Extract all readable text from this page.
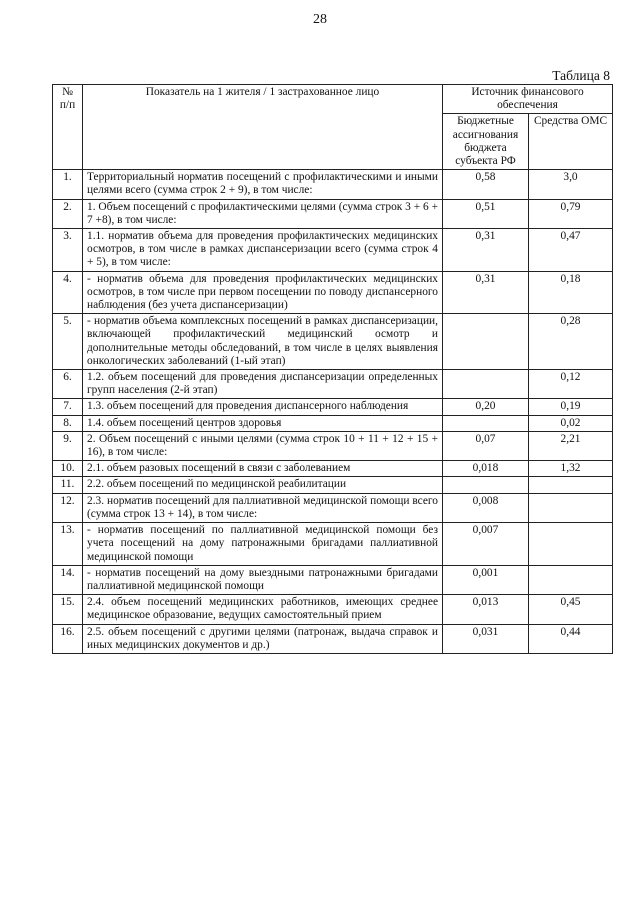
28
Таблица 8
№ п/п	Показатель на 1 жителя / 1 застрахованное лицо	Источник финансового обеспечения	
		Бюджетные ассигнования бюджета субъекта РФ	Средства ОМС
1.	Территориальный норматив посещений с профилактическими и иными целями всего (сумма строк 2 + 9), в том числе:	0,58	3,0
2.	1. Объем посещений с профилактическими целями (сумма строк 3 + 6 + 7 +8), в том числе:	0,51	0,79
3.	1.1. норматив объема для проведения профилактических медицинских осмотров, в том числе в рамках диспансеризации всего (сумма строк 4 + 5), в том числе:	0,31	0,47
4.	- норматив объема для проведения профилактических медицинских осмотров, в том числе при первом посещении по поводу диспансерного наблюдения (без учета диспансеризации)	0,31	0,18
5.	- норматив объема комплексных посещений в рамках диспансеризации, включающей профилактический медицинский осмотр и дополнительные методы обследований, в том числе в целях выявления онкологических заболеваний (1-ый этап)		0,28
6.	1.2. объем посещений для проведения диспансеризации определенных групп населения (2-й этап)		0,12
7.	1.3. объем посещений для проведения диспансерного наблюдения	0,20	0,19
8.	1.4. объем посещений центров здоровья		0,02
9.	2. Объем посещений с иными целями (сумма строк 10 + 11 + 12 + 15 + 16), в том числе:	0,07	2,21
10.	2.1. объем разовых посещений в связи с заболеванием	0,018	1,32
11.	2.2. объем посещений по медицинской реабилитации		
12.	2.3. норматив посещений для паллиативной медицинской помощи всего (сумма строк 13 + 14), в том числе:	0,008	
13.	- норматив посещений по паллиативной медицинской помощи без учета посещений на дому патронажными бригадами паллиативной медицинской помощи	0,007	
14.	- норматив посещений на дому выездными патронажными бригадами паллиативной медицинской помощи	0,001	
15.	2.4. объем посещений медицинских работников, имеющих среднее медицинское образование, ведущих самостоятельный прием	0,013	0,45
16.	2.5. объем посещений с другими целями (патронаж, выдача справок и иных медицинских документов и др.)	0,031	0,44
